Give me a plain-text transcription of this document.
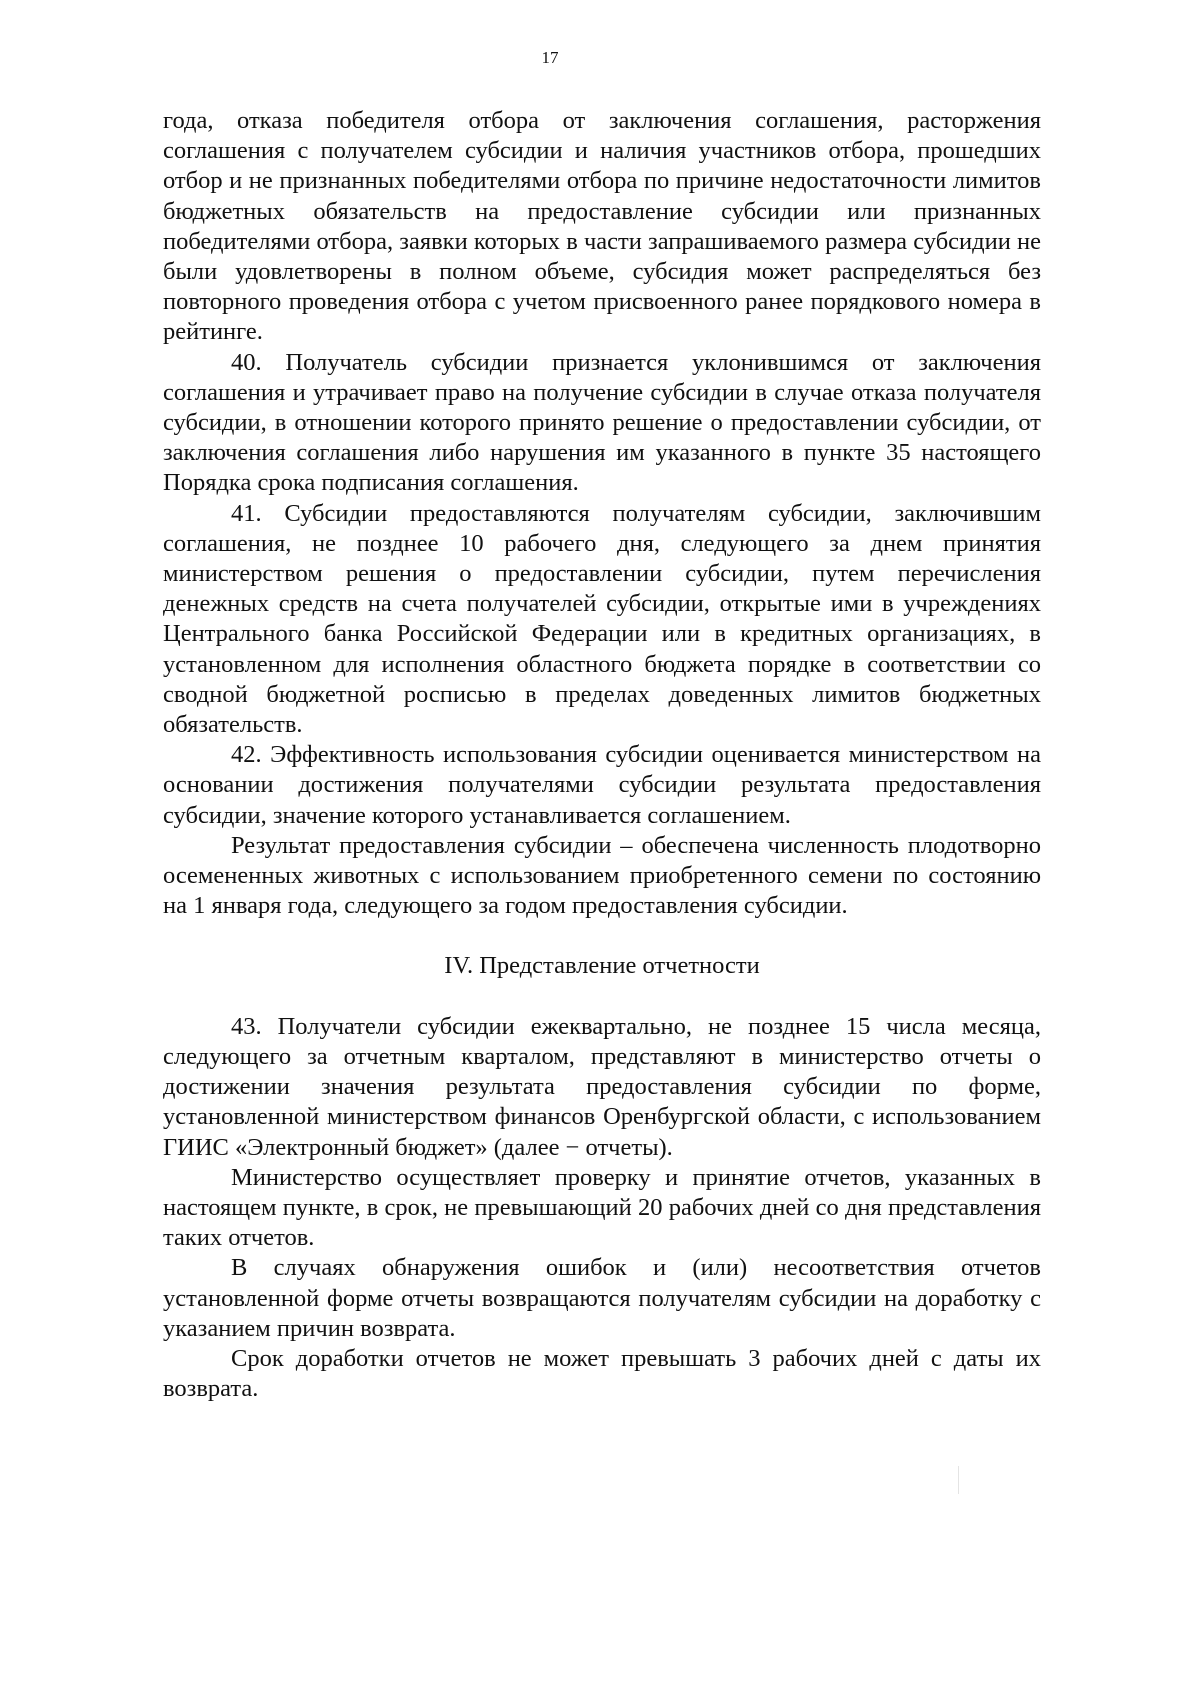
17

года, отказа победителя отбора от заключения соглашения, расторжения соглашения с получателем субсидии и наличия участников отбора, прошедших отбор и не признанных победителями отбора по причине недостаточности лимитов бюджетных обязательств на предоставление субсидии или признанных победителями отбора, заявки которых в части запрашиваемого размера субсидии не были удовлетворены в полном объеме, субсидия может распределяться без повторного проведения отбора с учетом присвоенного ранее порядкового номера в рейтинге.

40. Получатель субсидии признается уклонившимся от заключения соглашения и утрачивает право на получение субсидии в случае отказа получателя субсидии, в отношении которого принято решение о предоставлении субсидии, от заключения соглашения либо нарушения им указанного в пункте 35 настоящего Порядка срока подписания соглашения.

41. Субсидии предоставляются получателям субсидии, заключившим соглашения, не позднее 10 рабочего дня, следующего за днем принятия министерством решения о предоставлении субсидии, путем перечисления денежных средств на счета получателей субсидии, открытые ими в учреждениях Центрального банка Российской Федерации или в кредитных организациях, в установленном для исполнения областного бюджета порядке в соответствии со сводной бюджетной росписью в пределах доведенных лимитов бюджетных обязательств.

42. Эффективность использования субсидии оценивается министерством на основании достижения получателями субсидии результата предоставления субсидии, значение которого устанавливается соглашением.

Результат предоставления субсидии – обеспечена численность плодотворно осемененных животных с использованием приобретенного семени по состоянию на 1 января года, следующего за годом предоставления субсидии.

IV. Представление отчетности

43. Получатели субсидии ежеквартально, не позднее 15 числа месяца, следующего за отчетным кварталом, представляют в министерство отчеты о достижении значения результата предоставления субсидии по форме, установленной министерством финансов Оренбургской области, с использованием ГИИС «Электронный бюджет» (далее − отчеты).

Министерство осуществляет проверку и принятие отчетов, указанных в настоящем пункте, в срок, не превышающий 20 рабочих дней со дня представления таких отчетов.

В случаях обнаружения ошибок и (или) несоответствия отчетов установленной форме отчеты возвращаются получателям субсидии на доработку с указанием причин возврата.

Срок доработки отчетов не может превышать 3 рабочих дней с даты их возврата.
